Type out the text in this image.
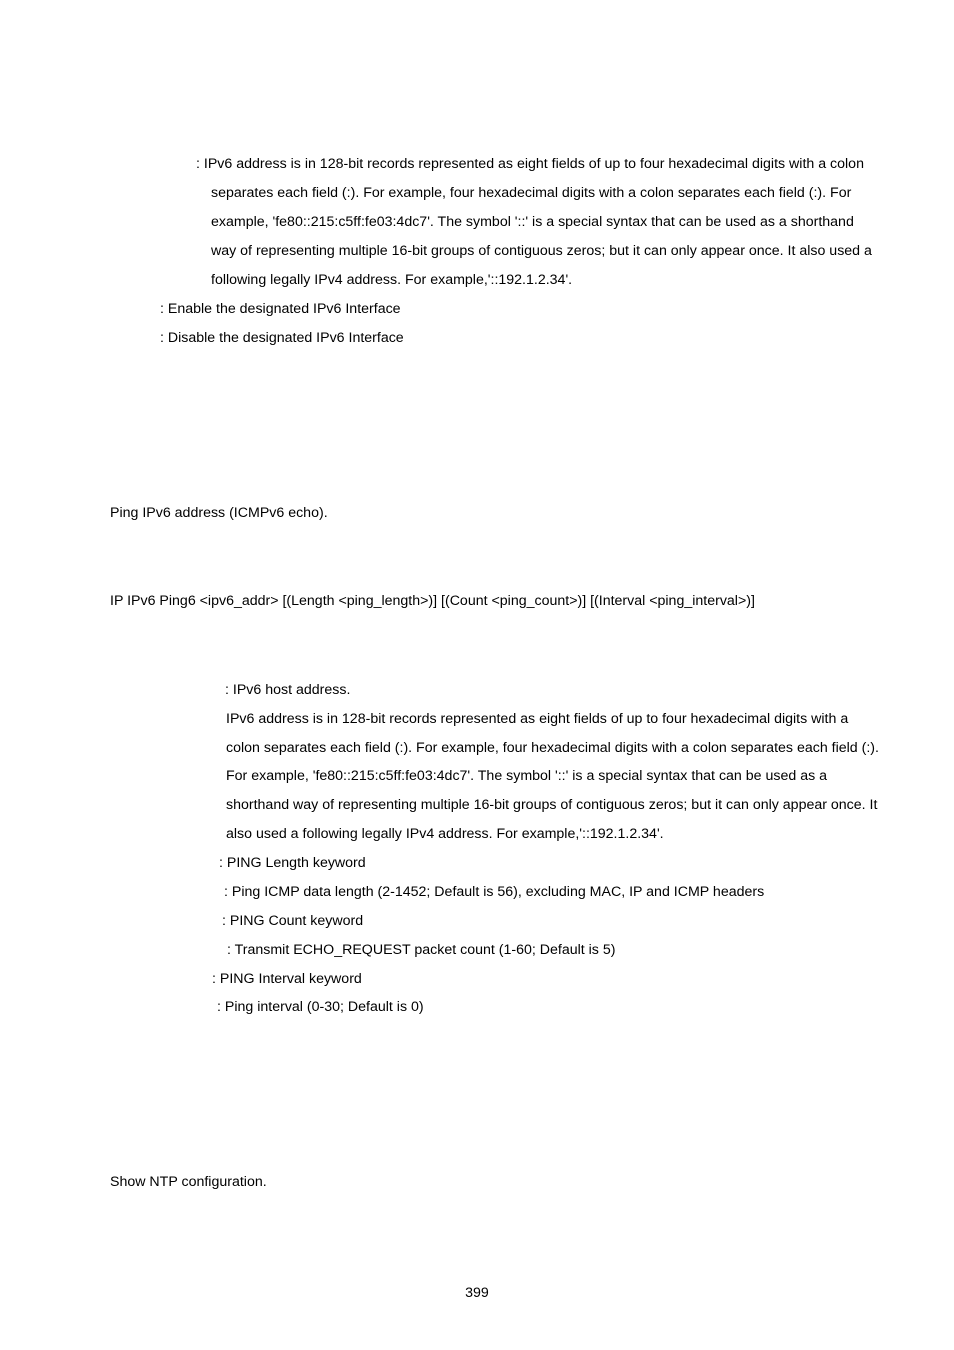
: IPv6 address is in 128-bit records represented as eight fields of up to four hexadecimal digits with a colon
separates each field (:). For example, four hexadecimal digits with a colon separates each field (:). For
example, 'fe80::215:c5ff:fe03:4dc7'. The symbol '::' is a special syntax that can be used as a shorthand
way of representing multiple 16-bit groups of contiguous zeros; but it can only appear once. It also used a
following legally IPv4 address. For example,'::192.1.2.34'.
: Enable the designated IPv6 Interface
: Disable the designated IPv6 Interface
Ping IPv6 address (ICMPv6 echo).
IP IPv6 Ping6 <ipv6_addr> [(Length <ping_length>)] [(Count <ping_count>)] [(Interval <ping_interval>)]
: IPv6 host address.
IPv6 address is in 128-bit records represented as eight fields of up to four hexadecimal digits with a
colon separates each field (:). For example, four hexadecimal digits with a colon separates each field (:).
For example, 'fe80::215:c5ff:fe03:4dc7'. The symbol '::' is a special syntax that can be used as a
shorthand way of representing multiple 16-bit groups of contiguous zeros; but it can only appear once. It
also used a following legally IPv4 address. For example,'::192.1.2.34'.
: PING Length keyword
: Ping ICMP data length (2-1452; Default is 56), excluding MAC, IP and ICMP headers
: PING Count keyword
: Transmit ECHO_REQUEST packet count (1-60; Default is 5)
: PING Interval keyword
: Ping interval (0-30; Default is 0)
Show NTP configuration.
399
